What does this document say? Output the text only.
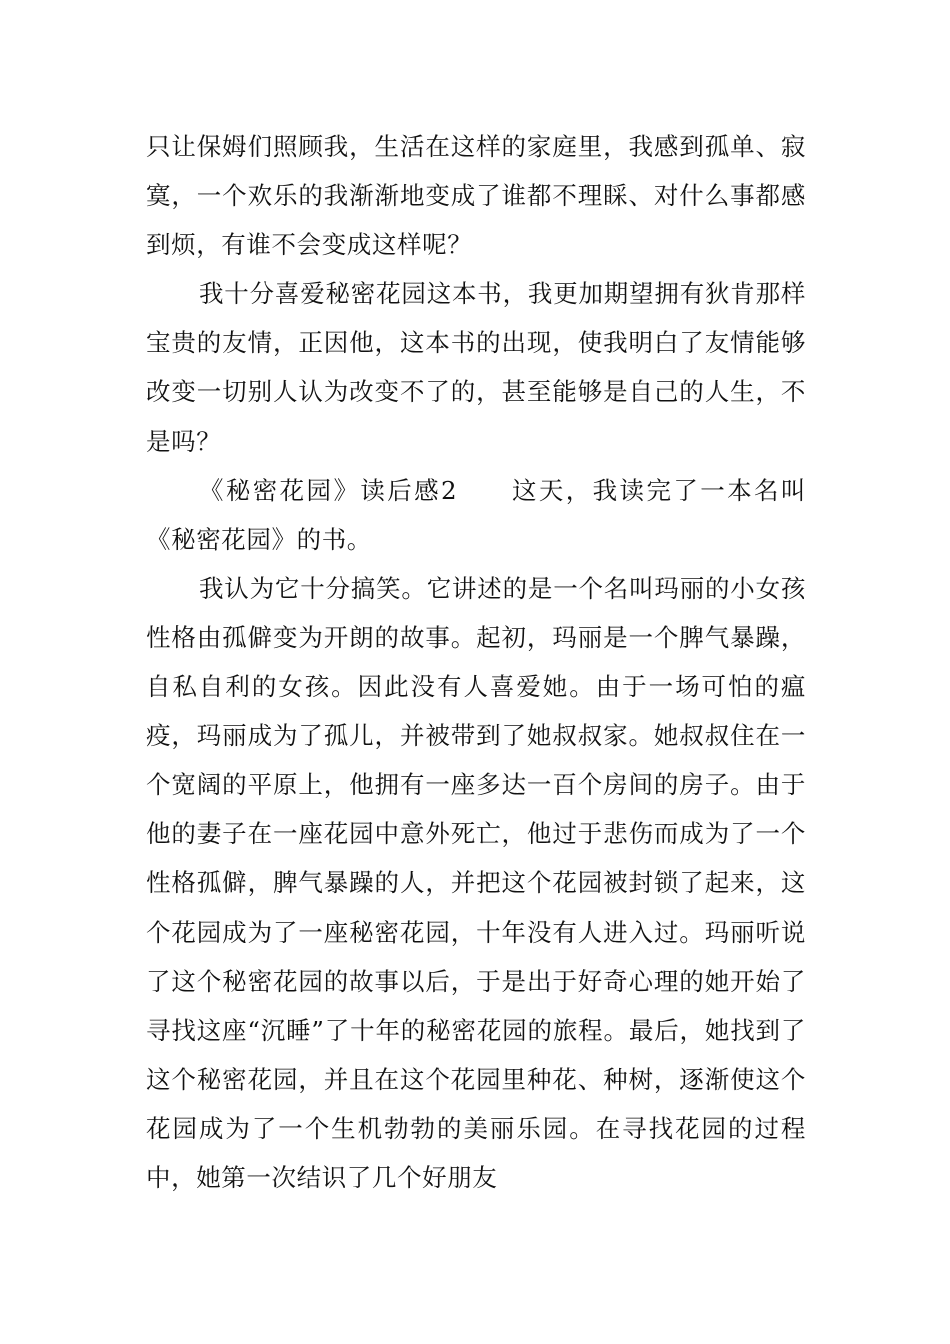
只让保姆们照顾我，生活在这样的家庭里，我感到孤单、寂寞，一个欢乐的我渐渐地变成了谁都不理睬、对什么事都感到烦，有谁不会变成这样呢？

我十分喜爱秘密花园这本书，我更加期望拥有狄肯那样宝贵的友情，正因他，这本书的出现，使我明白了友情能够改变一切别人认为改变不了的，甚至能够是自己的人生，不是吗？

《秘密花园》读后感2 这天，我读完了一本名叫《秘密花园》的书。

我认为它十分搞笑。它讲述的是一个名叫玛丽的小女孩性格由孤僻变为开朗的故事。起初，玛丽是一个脾气暴躁，自私自利的女孩。因此没有人喜爱她。由于一场可怕的瘟疫，玛丽成为了孤儿，并被带到了她叔叔家。她叔叔住在一个宽阔的平原上，他拥有一座多达一百个房间的房子。由于他的妻子在一座花园中意外死亡，他过于悲伤而成为了一个性格孤僻，脾气暴躁的人，并把这个花园被封锁了起来，这个花园成为了一座秘密花园，十年没有人进入过。玛丽听说了这个秘密花园的故事以后，于是出于好奇心理的她开始了寻找这座“沉睡”了十年的秘密花园的旅程。最后，她找到了这个秘密花园，并且在这个花园里种花、种树，逐渐使这个花园成为了一个生机勃勃的美丽乐园。在寻找花园的过程中，她第一次结识了几个好朋友
